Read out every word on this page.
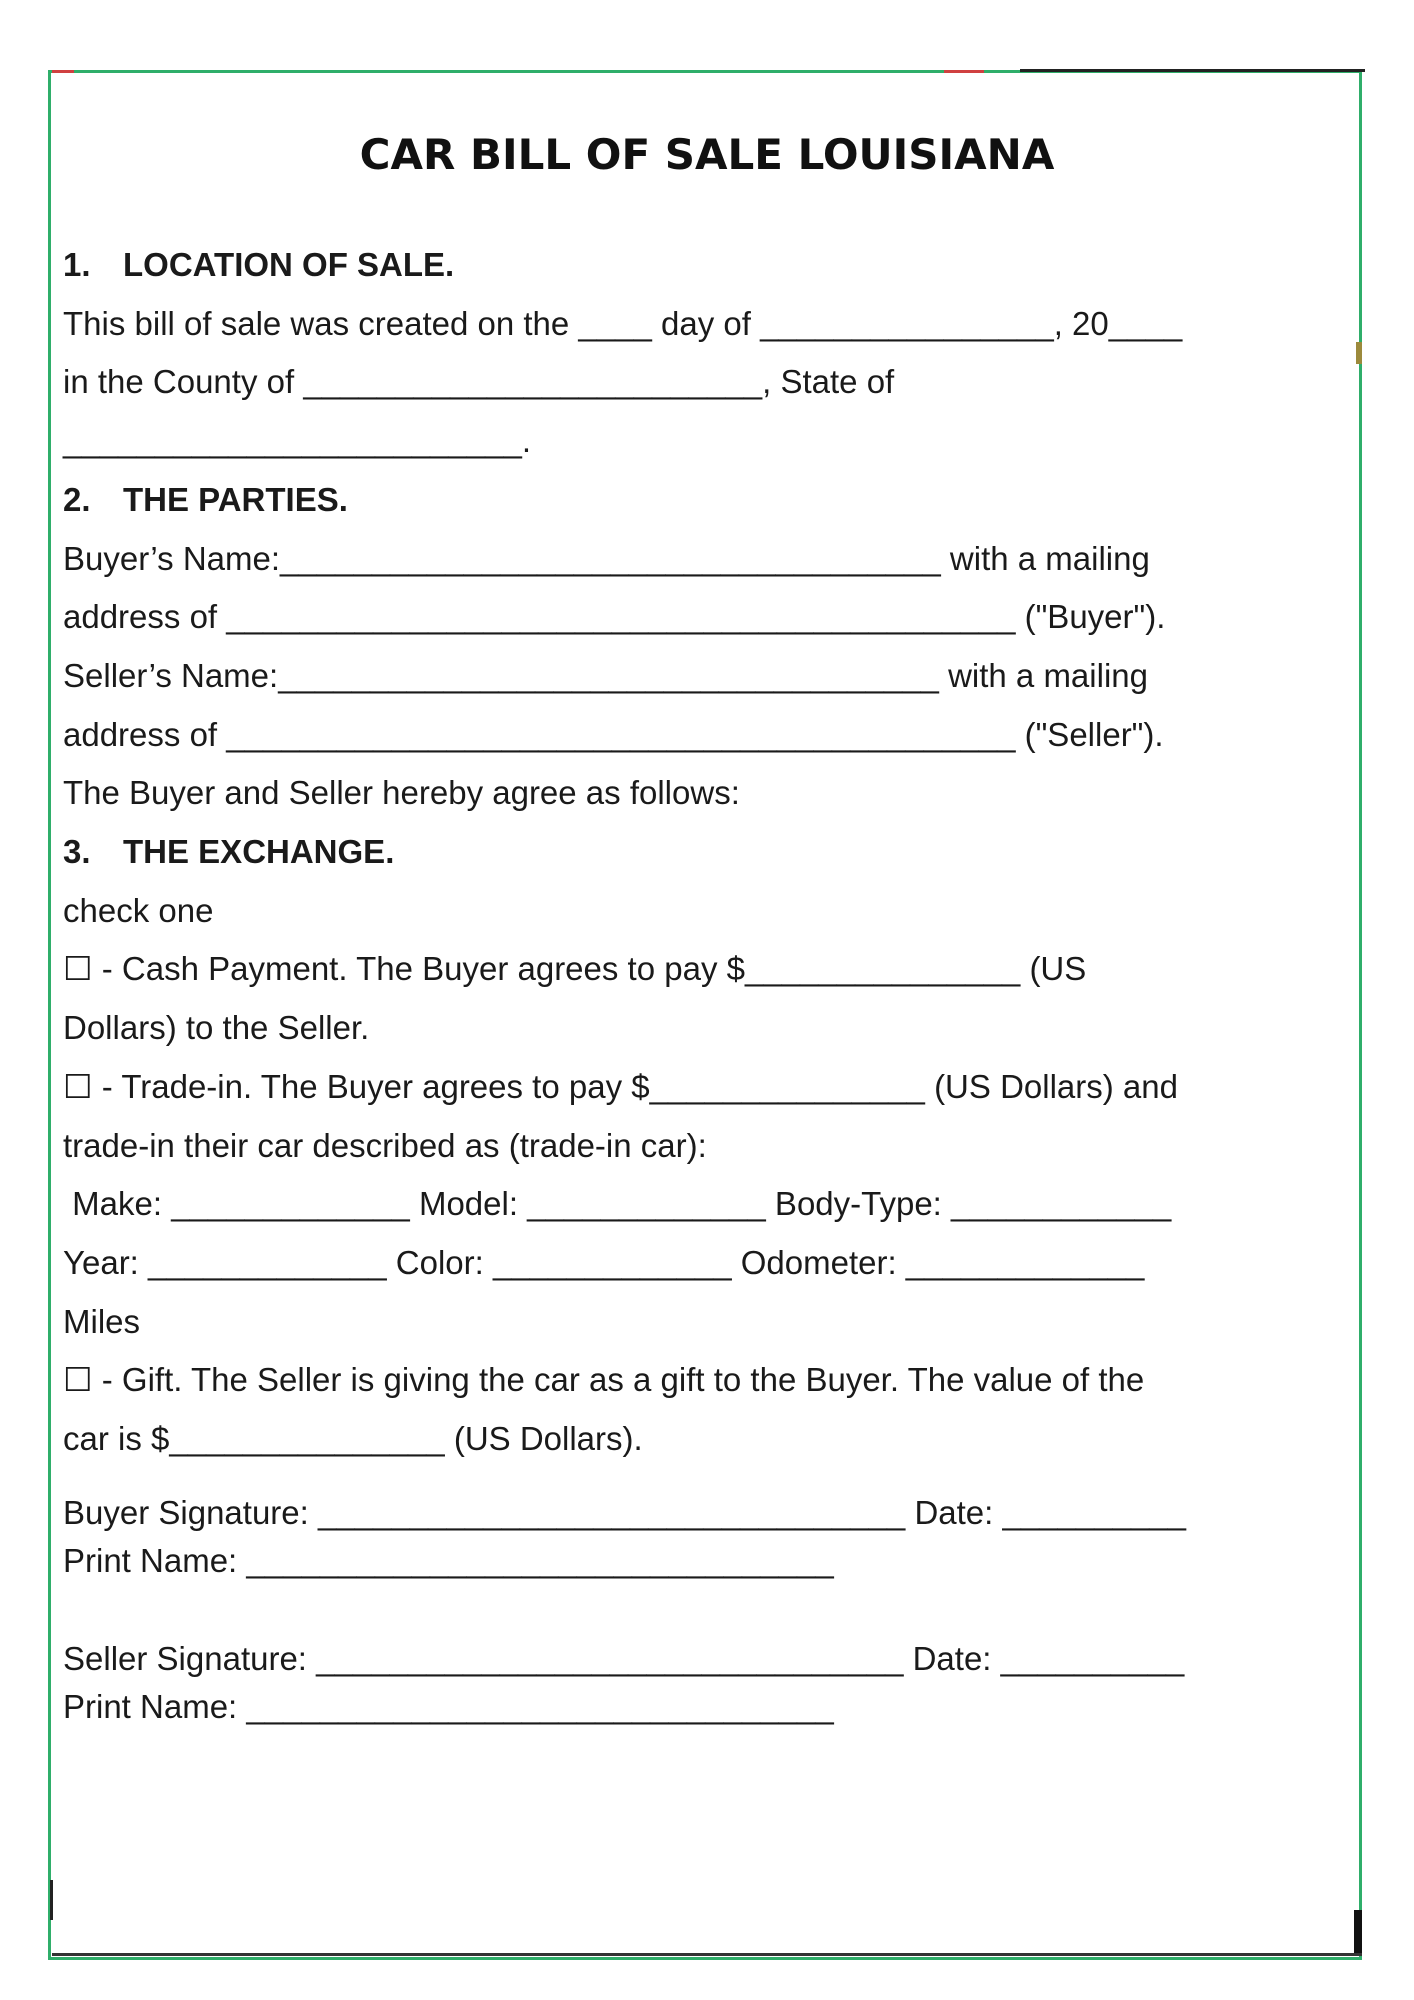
CAR BILL OF SALE LOUISIANA

1. LOCATION OF SALE.

This bill of sale was created on the ____ day of ________________, 20____

in the County of _________________________, State of

_________________________.

2. THE PARTIES.

Buyer’s Name:____________________________________ with a mailing

address of ___________________________________________ ("Buyer").

Seller’s Name:____________________________________ with a mailing

address of ___________________________________________ ("Seller").

The Buyer and Seller hereby agree as follows:

3. THE EXCHANGE.

check one

☐ - Cash Payment. The Buyer agrees to pay $_______________ (US

Dollars) to the Seller.

☐ - Trade-in. The Buyer agrees to pay $_______________ (US Dollars) and

trade-in their car described as (trade-in car):

Make: _____________ Model: _____________ Body-Type: ____________

Year: _____________ Color: _____________ Odometer: _____________

Miles

☐ - Gift. The Seller is giving the car as a gift to the Buyer. The value of the

car is $_______________ (US Dollars).

Buyer Signature: ________________________________ Date: __________

Print Name: ________________________________

Seller Signature: ________________________________ Date: __________

Print Name: ________________________________
